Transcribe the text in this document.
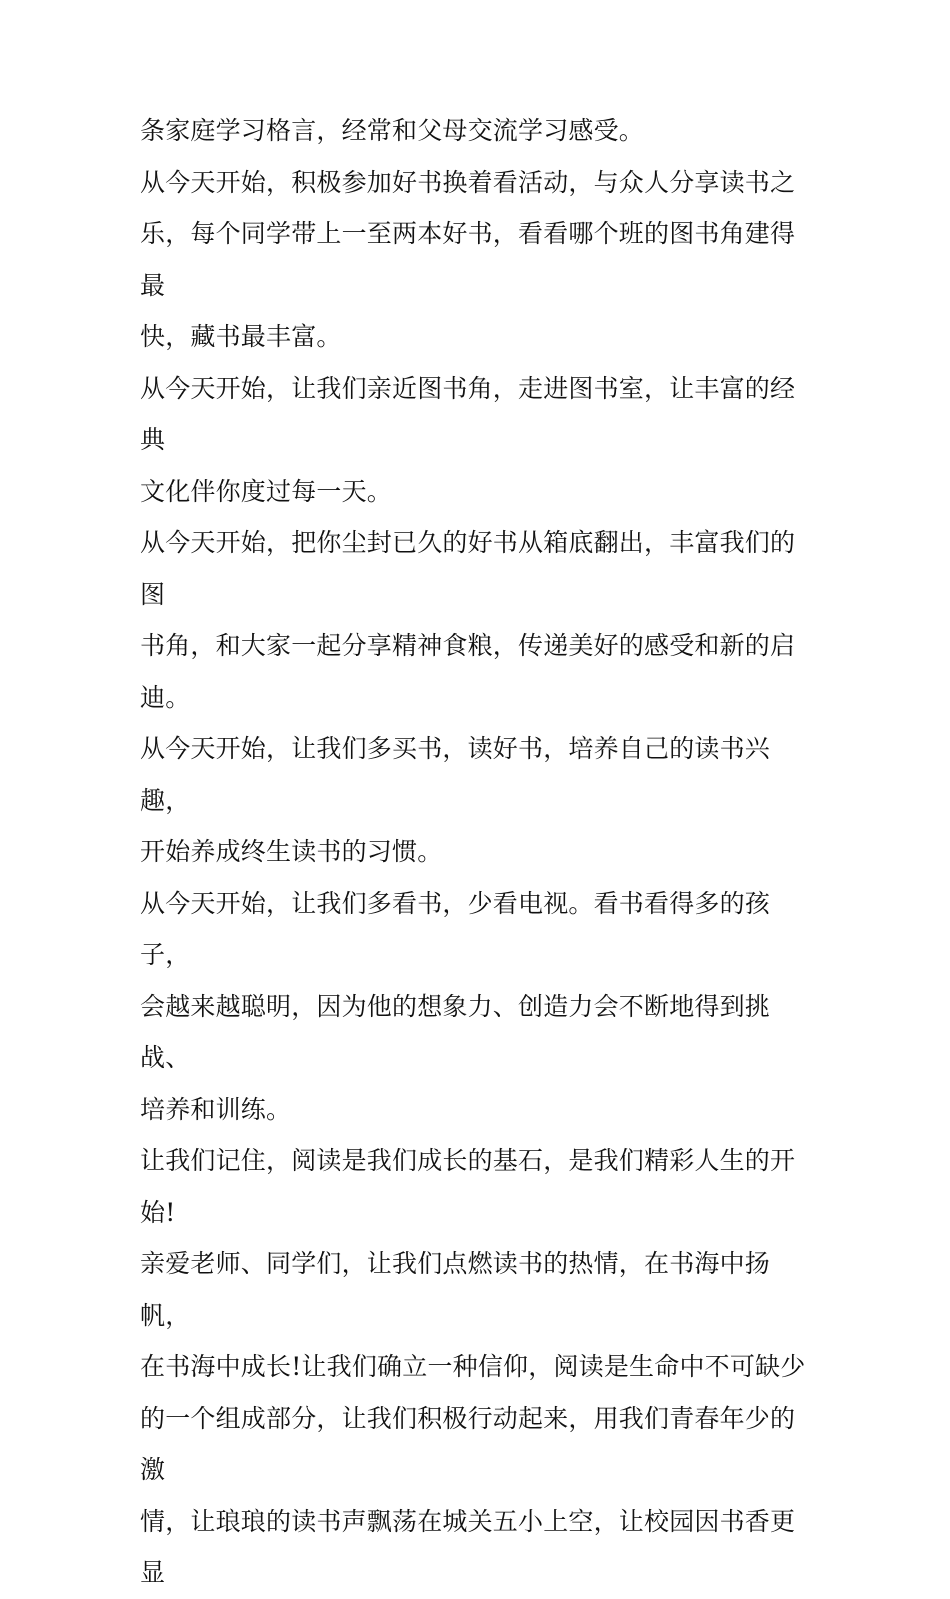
条家庭学习格言，经常和父母交流学习感受。

从今天开始，积极参加好书换着看活动，与众人分享读书之

乐，每个同学带上一至两本好书，看看哪个班的图书角建得最

快，藏书最丰富。

从今天开始，让我们亲近图书角，走进图书室，让丰富的经典

文化伴你度过每一天。

从今天开始，把你尘封已久的好书从箱底翻出，丰富我们的图

书角，和大家一起分享精神食粮，传递美好的感受和新的启

迪。

从今天开始，让我们多买书，读好书，培养自己的读书兴趣，

开始养成终生读书的习惯。

从今天开始，让我们多看书，少看电视。看书看得多的孩子，

会越来越聪明，因为他的想象力、创造力会不断地得到挑战、

培养和训练。

让我们记住，阅读是我们成长的基石，是我们精彩人生的开

始!

亲爱老师、同学们，让我们点燃读书的热情，在书海中扬帆，

在书海中成长!让我们确立一种信仰，阅读是生命中不可缺少

的一个组成部分，让我们积极行动起来，用我们青春年少的激

情，让琅琅的读书声飘荡在城关五小上空，让校园因书香更显
